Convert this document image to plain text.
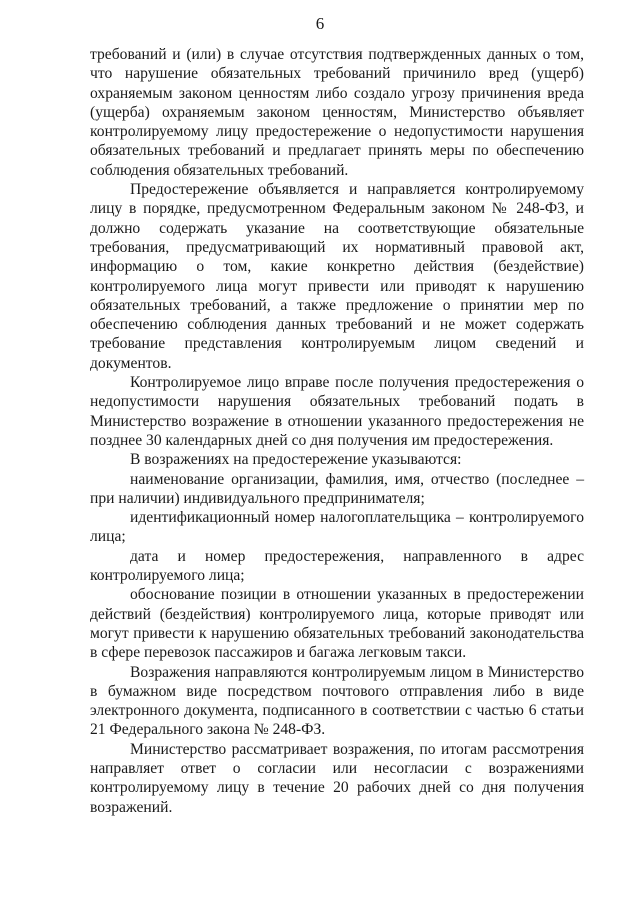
6

требований и (или) в случае отсутствия подтвержденных данных о том, что нарушение обязательных требований причинило вред (ущерб) охраняемым законом ценностям либо создало угрозу причинения вреда (ущерба) охраняемым законом ценностям, Министерство объявляет контролируемому лицу предостережение о недопустимости нарушения обязательных требований и предлагает принять меры по обеспечению соблюдения обязательных требований.

Предостережение объявляется и направляется контролируемому лицу в порядке, предусмотренном Федеральным законом № 248-ФЗ, и должно содержать указание на соответствующие обязательные требования, предусматривающий их нормативный правовой акт, информацию о том, какие конкретно действия (бездействие) контролируемого лица могут привести или приводят к нарушению обязательных требований, а также предложение о принятии мер по обеспечению соблюдения данных требований и не может содержать требование представления контролируемым лицом сведений и документов.

Контролируемое лицо вправе после получения предостережения о недопустимости нарушения обязательных требований подать в Министерство возражение в отношении указанного предостережения не позднее 30 календарных дней со дня получения им предостережения.

В возражениях на предостережение указываются:

наименование организации, фамилия, имя, отчество (последнее – при наличии) индивидуального предпринимателя;

идентификационный номер налогоплательщика – контролируемого лица;

дата и номер предостережения, направленного в адрес контролируемого лица;

обоснование позиции в отношении указанных в предостережении действий (бездействия) контролируемого лица, которые приводят или могут привести к нарушению обязательных требований законодательства в сфере перевозок пассажиров и багажа легковым такси.

Возражения направляются контролируемым лицом в Министерство в бумажном виде посредством почтового отправления либо в виде электронного документа, подписанного в соответствии с частью 6 статьи 21 Федерального закона № 248-ФЗ.

Министерство рассматривает возражения, по итогам рассмотрения направляет ответ о согласии или несогласии с возражениями контролируемому лицу в течение 20 рабочих дней со дня получения возражений.
